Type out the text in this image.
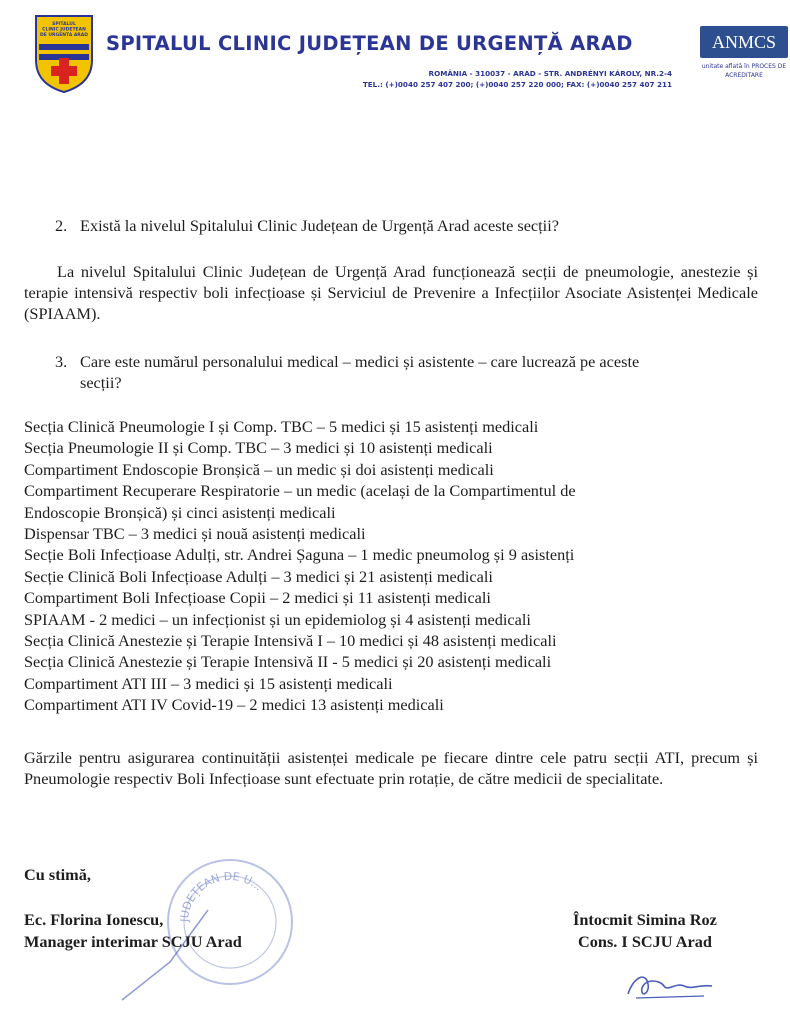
SPITALUL
CLINIC JUDETEAN
DE URGENTA ARAD SPITALUL CLINIC JUDEȚEAN DE URGENȚĂ ARAD
ROMÂNIA - 310037 - ARAD - STR. ANDRÉNYI KÁROLY, NR.2-4
TEL.: (+)0040 257 407 200; (+)0040 257 220 000; FAX: (+)0040 257 407 211
ANMCS
unitate aflată în PROCES DE ACREDITARE
2. Există la nivelul Spitalului Clinic Județean de Urgență Arad aceste secții?
La nivelul Spitalului Clinic Județean de Urgență Arad funcționează secții de pneumologie, anestezie și terapie intensivă respectiv boli infecțioase și Serviciul de Prevenire a Infecțiilor Asociate Asistenței Medicale (SPIAAM).
3. Care este numărul personalului medical – medici și asistente – care lucrează pe aceste
secții?
Secția Clinică Pneumologie I și Comp. TBC – 5 medici și 15 asistenți medicali
Secția Pneumologie II și Comp. TBC – 3 medici și 10 asistenți medicali
Compartiment Endoscopie Bronșică – un medic și doi asistenți medicali
Compartiment Recuperare Respiratorie – un medic (același de la Compartimentul de
Endoscopie Bronșică) și cinci asistenți medicali
Dispensar TBC – 3 medici și nouă asistenți medicali
Secție Boli Infecțioase Adulți, str. Andrei Șaguna – 1 medic pneumolog și 9 asistenți
Secție Clinică Boli Infecțioase Adulți – 3 medici și 21 asistenți medicali
Compartiment Boli Infecțioase Copii – 2 medici și 11 asistenți medicali
SPIAAM - 2 medici – un infecționist și un epidemiolog și 4 asistenți medicali
Secția Clinică Anestezie și Terapie Intensivă I – 10 medici și 48 asistenți medicali
Secția Clinică Anestezie și Terapie Intensivă II - 5 medici și 20 asistenți medicali
Compartiment ATI III – 3 medici și 15 asistenți medicali
Compartiment ATI IV Covid-19 – 2 medici 13 asistenți medicali
Gărzile pentru asigurarea continuității asistenței medicale pe fiecare dintre cele patru secții ATI, precum și Pneumologie respectiv Boli Infecțioase sunt efectuate prin rotație, de către medicii de specialitate.
Cu stimă,
JUDEȚEAN DE U...
Ec. Florina Ionescu,
Manager interimar SCJU Arad
Întocmit Simina Roz
Cons. I SCJU Arad
